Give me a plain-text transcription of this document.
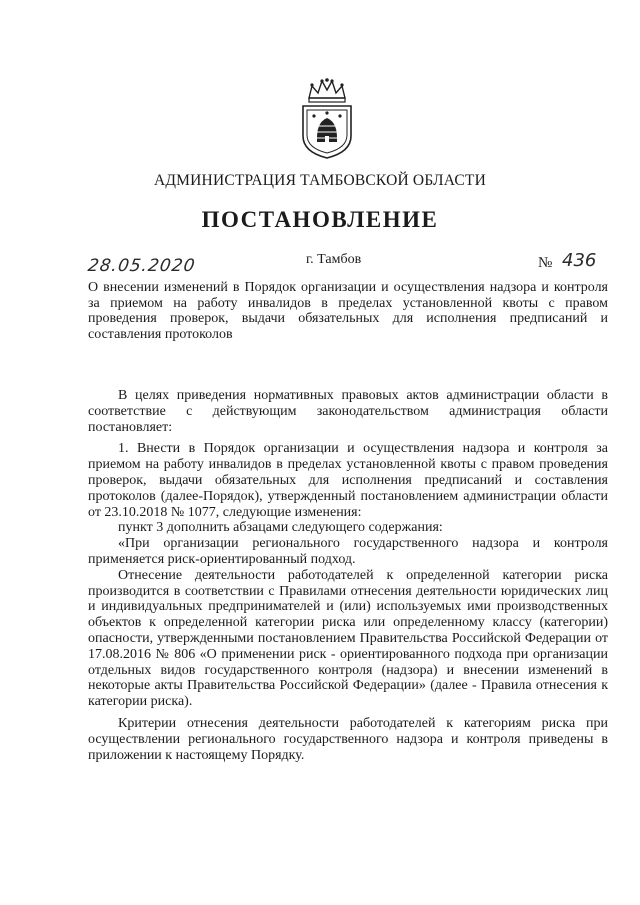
АДМИНИСТРАЦИЯ ТАМБОВСКОЙ ОБЛАСТИ
ПОСТАНОВЛЕНИЕ
28.05.2020	г. Тамбов	№ 436
О внесении изменений в Порядок организации и осуществления надзора и контроля за приемом на работу инвалидов в пределах установленной квоты с правом проведения проверок, выдачи обязательных для исполнения предписаний и составления протоколов

В целях приведения нормативных правовых актов администрации области в соответствие с действующим законодательством администрация области постановляет:

1. Внести в Порядок организации и осуществления надзора и контроля за приемом на работу инвалидов в пределах установленной квоты с правом проведения проверок, выдачи обязательных для исполнения предписаний и составления протоколов (далее-Порядок), утвержденный постановлением администрации области от 23.10.2018 № 1077, следующие изменения:

пункт 3 дополнить абзацами следующего содержания:

«При организации регионального государственного надзора и контроля применяется риск-ориентированный подход.

Отнесение деятельности работодателей к определенной категории риска производится в соответствии с Правилами отнесения деятельности юридических лиц и индивидуальных предпринимателей и (или) используемых ими производственных объектов к определенной категории риска или определенному классу (категории) опасности, утвержденными постановлением Правительства Российской Федерации от 17.08.2016 № 806 «О применении риск - ориентированного подхода при организации отдельных видов государственного контроля (надзора) и внесении изменений в некоторые акты Правительства Российской Федерации» (далее - Правила отнесения к категории риска).

Критерии отнесения деятельности работодателей к категориям риска при осуществлении регионального государственного надзора и контроля приведены в приложении к настоящему Порядку.
